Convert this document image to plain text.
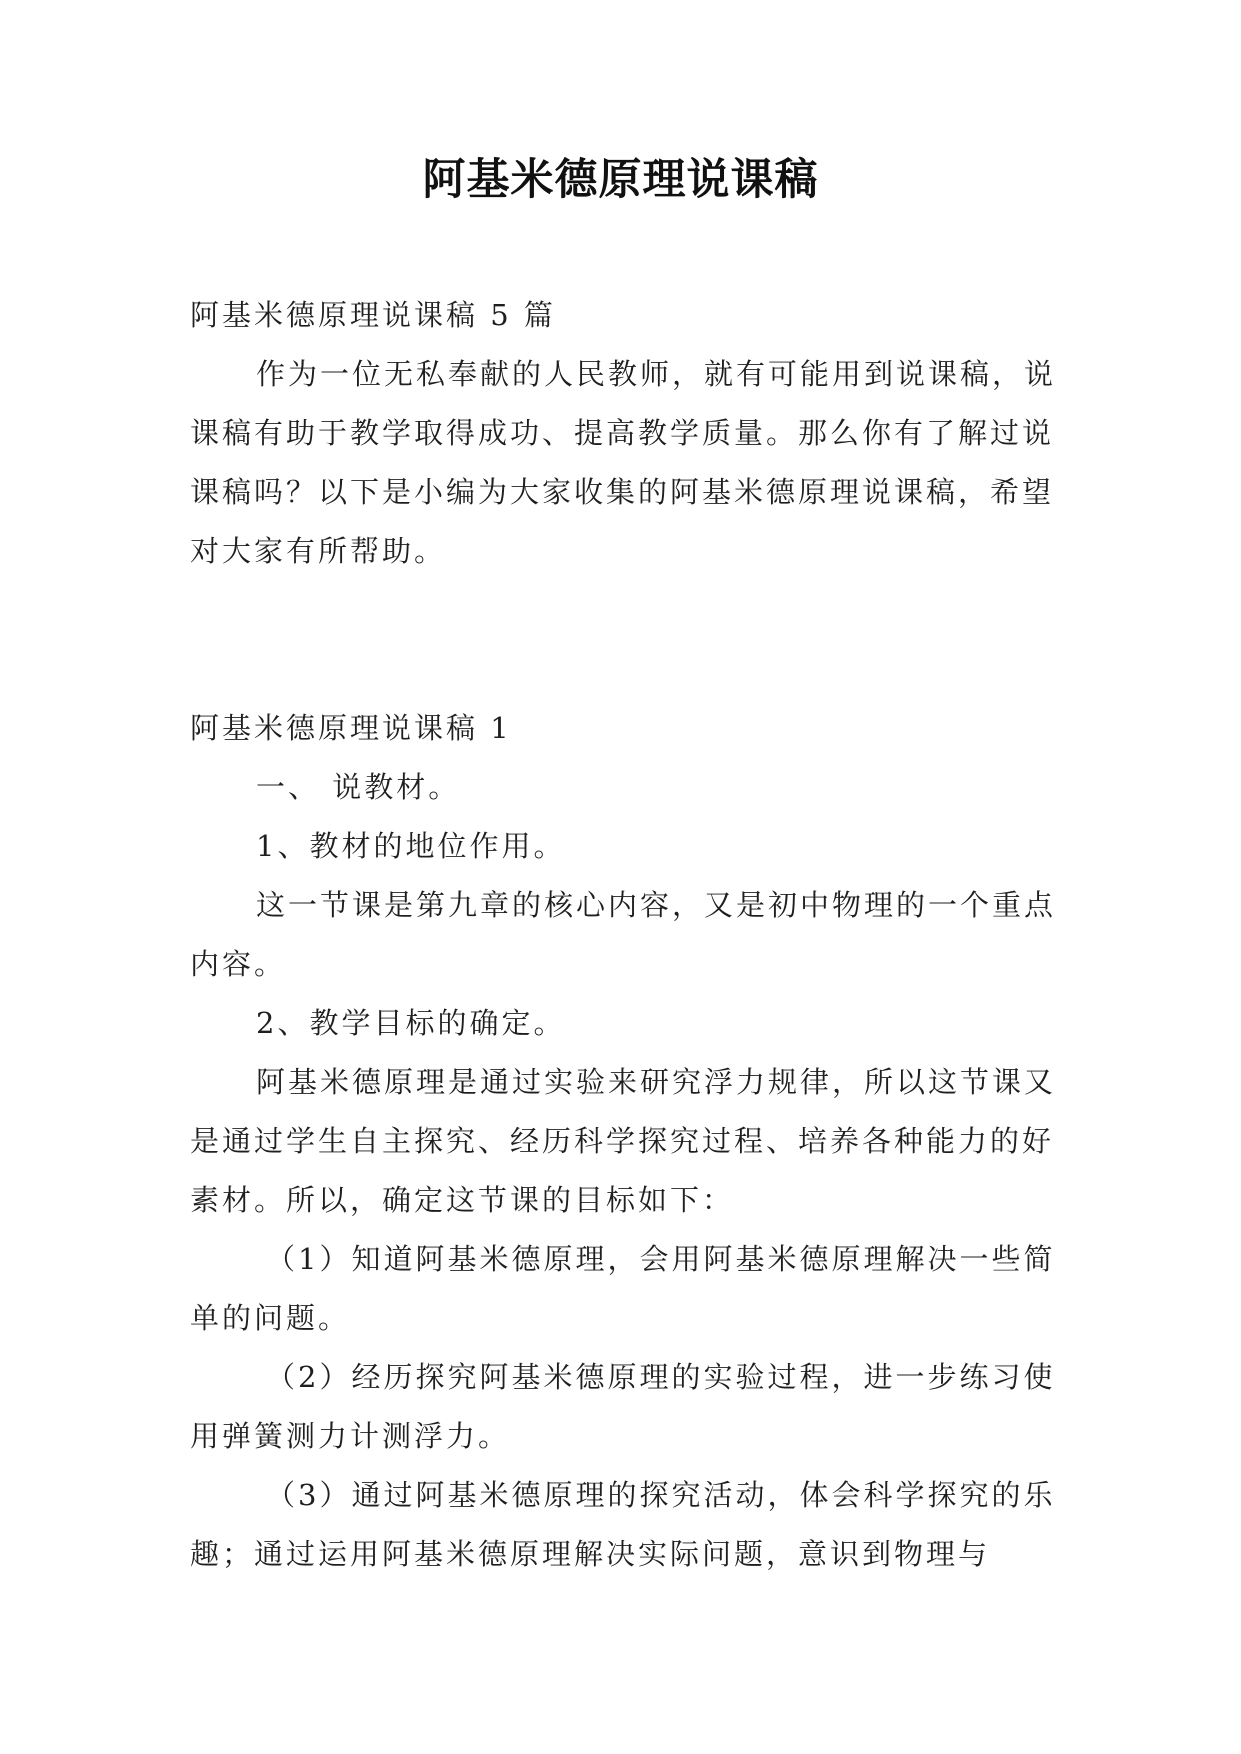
阿基米德原理说课稿

阿基米德原理说课稿 5 篇

作为一位无私奉献的人民教师，就有可能用到说课稿，说课稿有助于教学取得成功、提高教学质量。那么你有了解过说课稿吗？以下是小编为大家收集的阿基米德原理说课稿，希望对大家有所帮助。

阿基米德原理说课稿 1

一、 说教材。

1、教材的地位作用。

这一节课是第九章的核心内容，又是初中物理的一个重点内容。

2、教学目标的确定。

阿基米德原理是通过实验来研究浮力规律，所以这节课又是通过学生自主探究、经历科学探究过程、培养各种能力的好素材。所以，确定这节课的目标如下：

（1）知道阿基米德原理，会用阿基米德原理解决一些简单的问题。

（2）经历探究阿基米德原理的实验过程，进一步练习使用弹簧测力计测浮力。

（3）通过阿基米德原理的探究活动，体会科学探究的乐趣；通过运用阿基米德原理解决实际问题，意识到物理与
